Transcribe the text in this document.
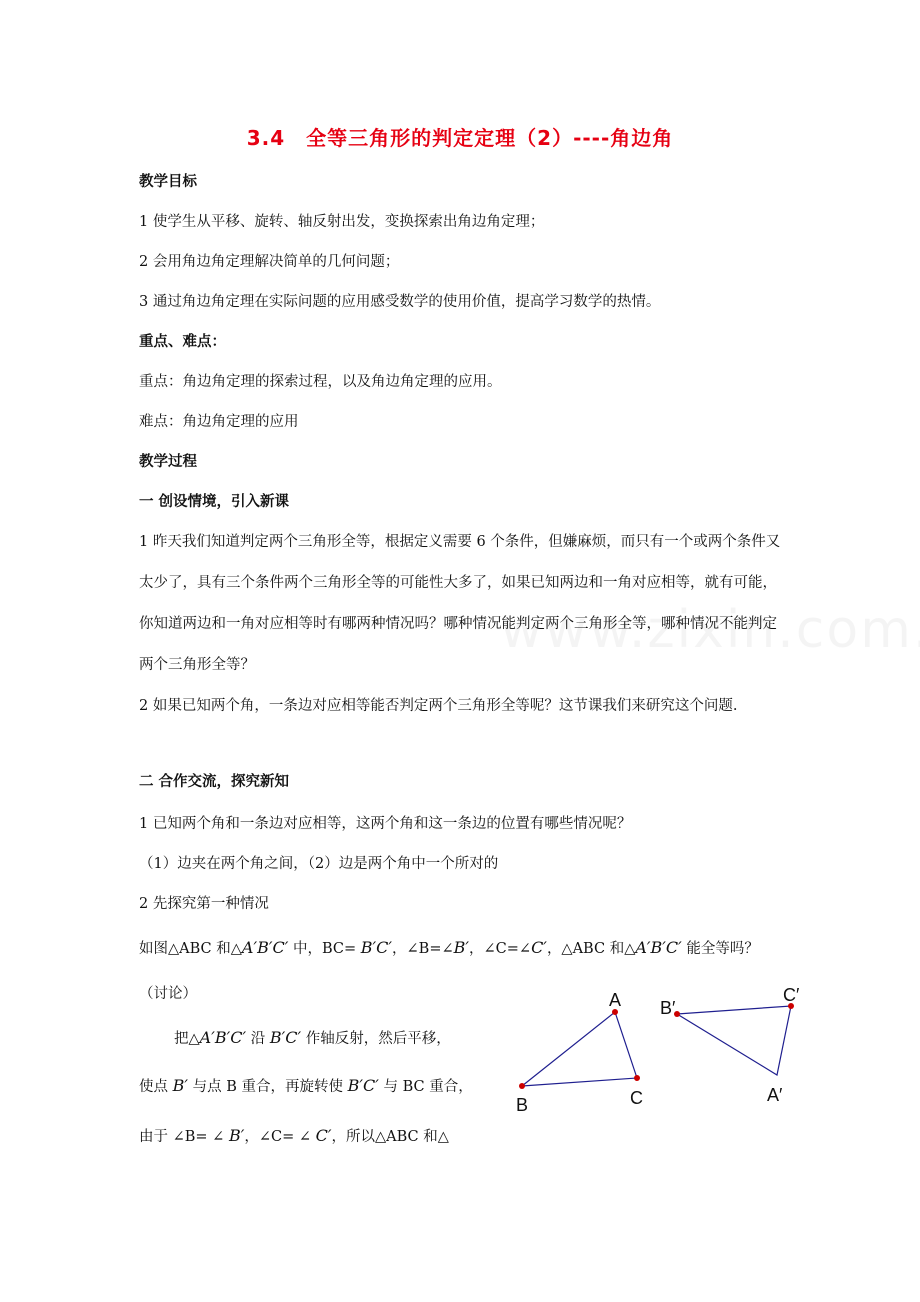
3.4　全等三角形的判定定理（2）----角边角
教学目标
1 使学生从平移、旋转、轴反射出发，变换探索出角边角定理；
2 会用角边角定理解决简单的几何问题；
3 通过角边角定理在实际问题的应用感受数学的使用价值，提高学习数学的热情。
重点、难点：
重点：角边角定理的探索过程，以及角边角定理的应用。
难点：角边角定理的应用
教学过程
一 创设情境，引入新课
1 昨天我们知道判定两个三角形全等，根据定义需要 6 个条件，但嫌麻烦，而只有一个或两个条件又太少了，具有三个条件两个三角形全等的可能性大多了，如果已知两边和一角对应相等，就有可能，你知道两边和一角对应相等时有哪两种情况吗？哪种情况能判定两个三角形全等，哪种情况不能判定两个三角形全等？
2 如果已知两个角，一条边对应相等能否判定两个三角形全等呢？这节课我们来研究这个问题.
二 合作交流，探究新知
1 已知两个角和一条边对应相等，这两个角和这一条边的位置有哪些情况呢？
（1）边夹在两个角之间，（2）边是两个角中一个所对的
2 先探究第一种情况
如图△ABC 和△A′B′C′ 中，BC= B′C′，∠B=∠B′，∠C=∠C′，△ABC 和△A′B′C′ 能全等吗？
（讨论）
把△A′B′C′ 沿 B′C′ 作轴反射，然后平移，
使点 B′ 与点 B 重合，再旋转使 B′C′ 与 BC 重合，
由于 ∠B= ∠ B′，∠C= ∠ C′，所以△ABC 和△
A
B	C
B′
C′
A′
